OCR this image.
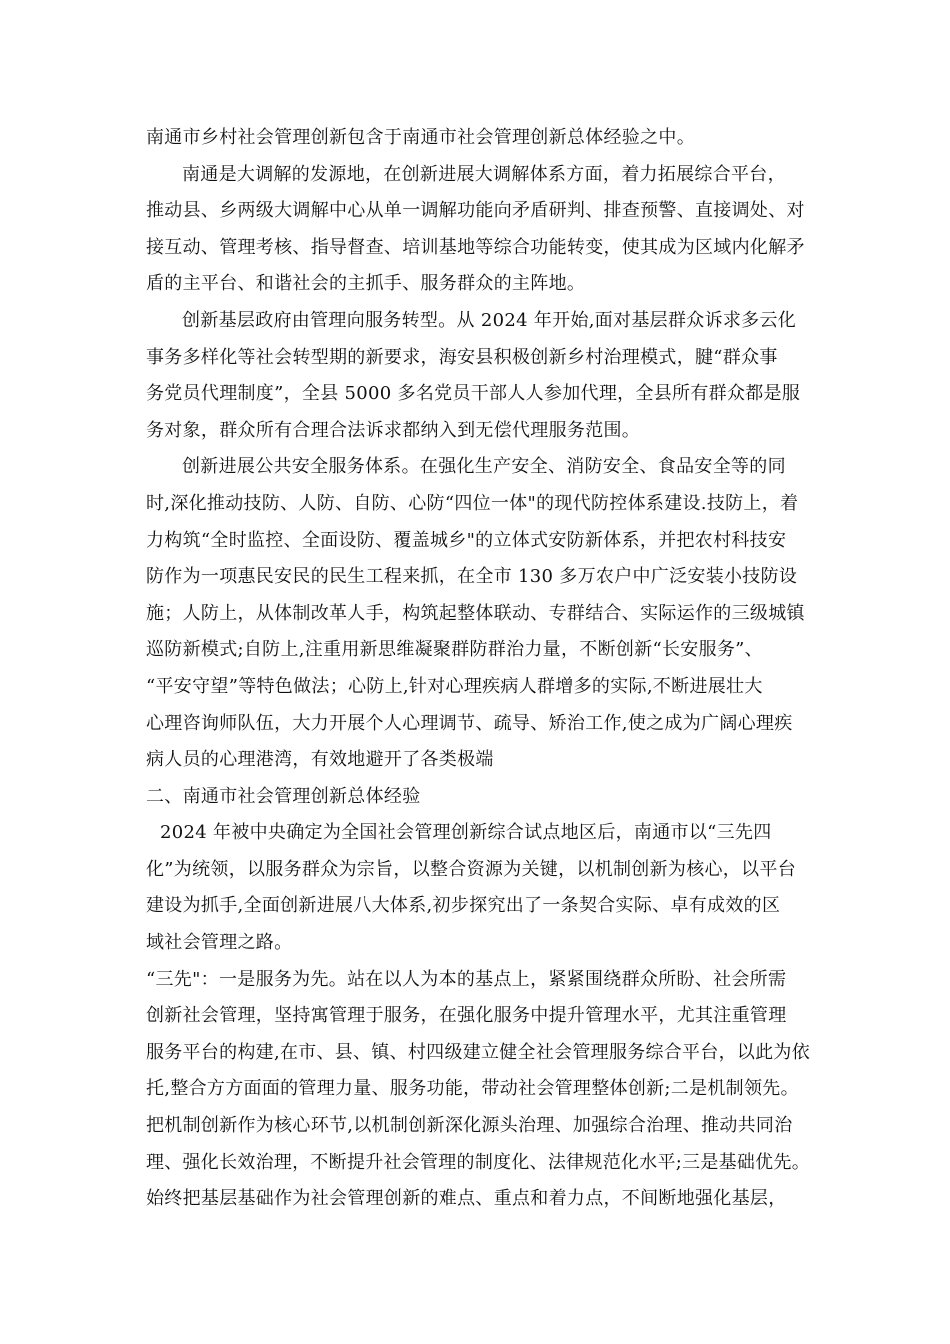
南通市乡村社会管理创新包含于南通市社会管理创新总体经验之中。
南通是大调解的发源地，在创新进展大调解体系方面，着力拓展综合平台，
推动县、乡两级大调解中心从单一调解功能向矛盾研判、排查预警、直接调处、对
接互动、管理考核、指导督查、培训基地等综合功能转变，使其成为区域内化解矛
盾的主平台、和谐社会的主抓手、服务群众的主阵地。
创新基层政府由管理向服务转型。从 2024 年开始,面对基层群众诉求多云化
事务多样化等社会转型期的新要求，海安县积极创新乡村治理模式，腱“群众事
务党员代理制度”，全县 5000 多名党员干部人人参加代理，全县所有群众都是服
务对象，群众所有合理合法诉求都纳入到无偿代理服务范围。
创新进展公共安全服务体系。在强化生产安全、消防安全、食品安全等的同
时,深化推动技防、人防、自防、心防“四位一体"的现代防控体系建设.技防上，着
力构筑“全时监控、全面设防、覆盖城乡"的立体式安防新体系，并把农村科技安
防作为一项惠民安民的民生工程来抓，在全市 130 多万农户中广泛安装小技防设
施；人防上，从体制改革人手，构筑起整体联动、专群结合、实际运作的三级城镇
巡防新模式;自防上,注重用新思维凝聚群防群治力量，不断创新“长安服务”、
“平安守望”等特色做法；心防上,针对心理疾病人群增多的实际,不断进展壮大
心理咨询师队伍，大力开展个人心理调节、疏导、矫治工作,使之成为广阔心理疾
病人员的心理港湾，有效地避开了各类极端
二、南通市社会管理创新总体经验
2024 年被中央确定为全国社会管理创新综合试点地区后，南通市以“三先四
化”为统领，以服务群众为宗旨，以整合资源为关键，以机制创新为核心，以平台
建设为抓手,全面创新进展八大体系,初步探究出了一条契合实际、卓有成效的区
域社会管理之路。
“三先"：一是服务为先。站在以人为本的基点上，紧紧围绕群众所盼、社会所需
创新社会管理，坚持寓管理于服务，在强化服务中提升管理水平，尤其注重管理
服务平台的构建,在市、县、镇、村四级建立健全社会管理服务综合平台，以此为依
托,整合方方面面的管理力量、服务功能，带动社会管理整体创新;二是机制领先。
把机制创新作为核心环节,以机制创新深化源头治理、加强综合治理、推动共同治
理、强化长效治理，不断提升社会管理的制度化、法律规范化水平;三是基础优先。
始终把基层基础作为社会管理创新的难点、重点和着力点，不间断地强化基层，
